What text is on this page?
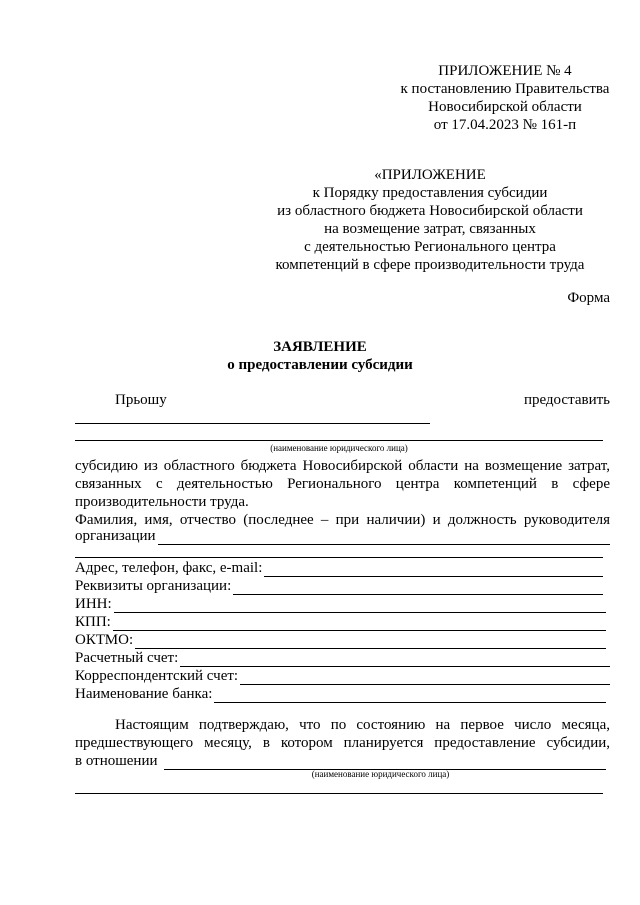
ПРИЛОЖЕНИЕ № 4
к постановлению Правительства
Новосибирской области
от 17.04.2023 № 161-п
«ПРИЛОЖЕНИЕ
к Порядку предоставления субсидии
из областного бюджета Новосибирской области
на возмещение затрат, связанных
с деятельностью Регионального центра
компетенций в сфере производительности труда
Форма
ЗАЯВЛЕНИЕ
о предоставлении субсидии
Прьошу	предоставить
(наименование юридического лица)
субсидию из областного бюджета Новосибирской области на возмещение затрат,
связанных с деятельностью Регионального центра компетенций в сфере
производительности труда.
Фамилия, имя, отчество (последнее – при наличии) и должность руководителя
организации
Адрес, телефон, факс, e-mail:
Реквизиты организации:
ИНН:
КПП:
ОКТМО:
Расчетный счет:
Корреспондентский счет:
Наименование банка:
Настоящим подтверждаю, что по состоянию на первое число месяца,
предшествующего месяцу, в котором планируется предоставление субсидии,
в отношении
(наименование юридического лица)
